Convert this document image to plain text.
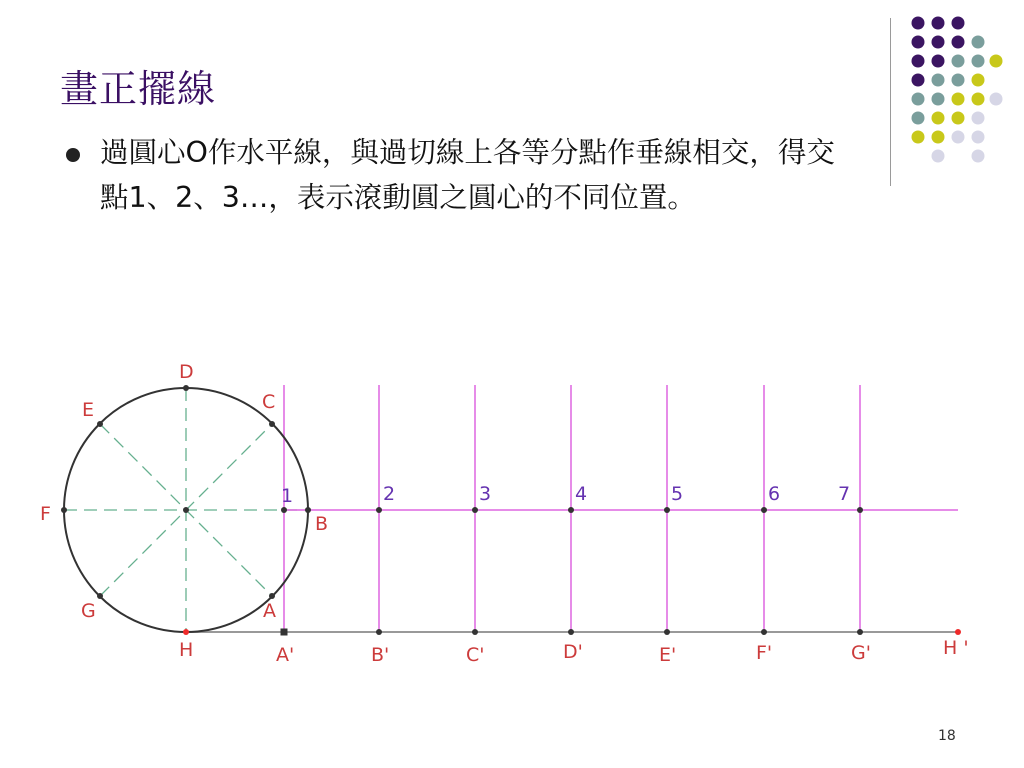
畫正擺線

過圓心O作水平線，與過切線上各等分點作垂線相交，得交點1、2、3…，表示滾動圓之圓心的不同位置。

D
C
E
F	B
G	A
H
1	2	3	4	5	6	7
A'	B'	C'	D'	E'	F'	G'	H '
18
